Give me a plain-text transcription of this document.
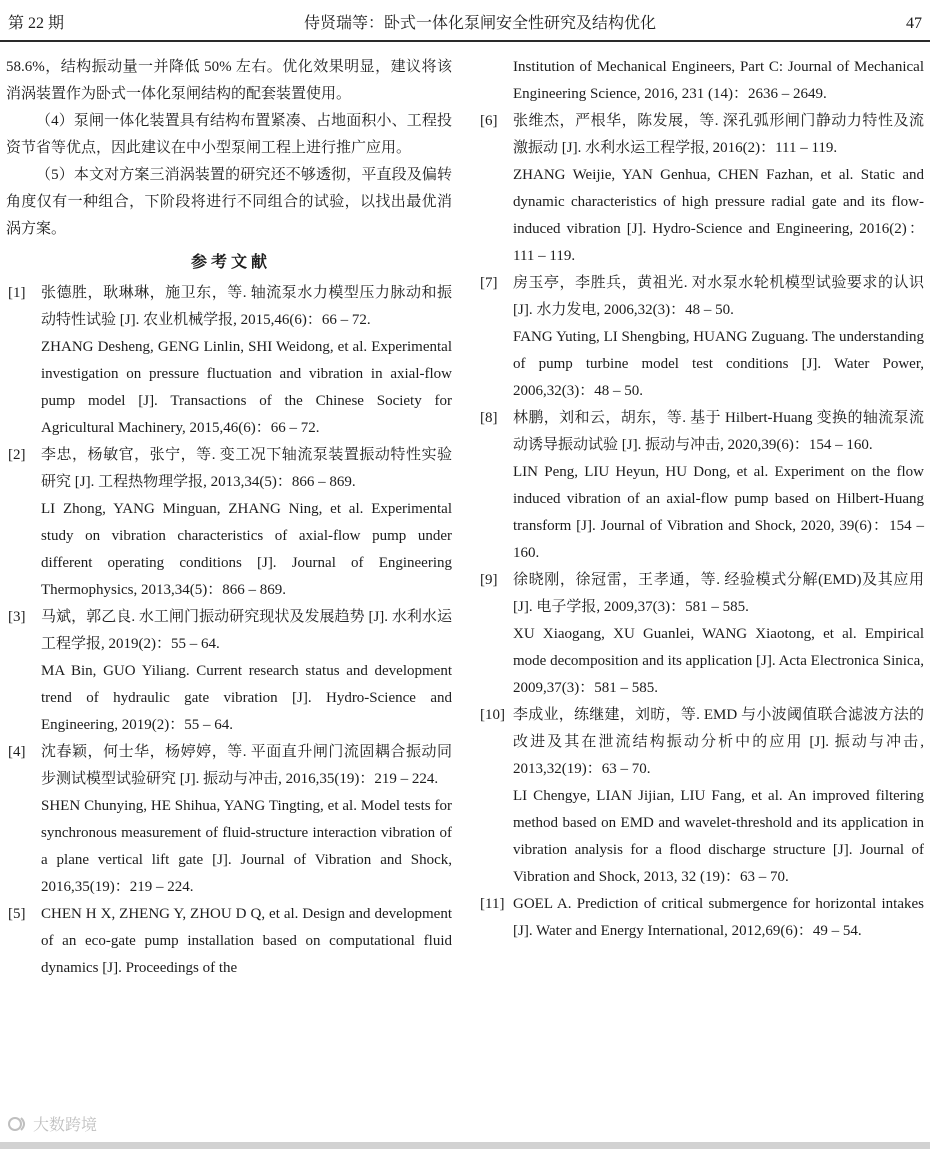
第 22 期	侍贤瑞等：卧式一体化泵闸安全性研究及结构优化	47

58.6%，结构振动量一并降低 50% 左右。优化效果明显，建议将该消涡装置作为卧式一体化泵闸结构的配套装置使用。

（4）泵闸一体化装置具有结构布置紧凑、占地面积小、工程投资节省等优点，因此建议在中小型泵闸工程上进行推广应用。

（5）本文对方案三消涡装置的研究还不够透彻，平直段及偏转角度仅有一种组合，下阶段将进行不同组合的试验，以找出最优消涡方案。

参 考 文 献
[1] 张德胜，耿琳琳，施卫东，等. 轴流泵水力模型压力脉动和振动特性试验 [J]. 农业机械学报, 2015,46(6)：66 – 72.

ZHANG Desheng, GENG Linlin, SHI Weidong, et al. Experimental investigation on pressure fluctuation and vibration in axial-flow pump model [J]. Transactions of the Chinese Society for Agricultural Machinery, 2015,46(6)：66 – 72.

[2] 李忠，杨敏官，张宁，等. 变工况下轴流泵装置振动特性实验研究 [J]. 工程热物理学报, 2013,34(5)：866 – 869.

LI Zhong, YANG Minguan, ZHANG Ning, et al. Experimental study on vibration characteristics of axial-flow pump under different operating conditions [J]. Journal of Engineering Thermophysics, 2013,34(5)：866 – 869.

[3] 马斌，郭乙良. 水工闸门振动研究现状及发展趋势 [J]. 水利水运工程学报, 2019(2)：55 – 64.

MA Bin, GUO Yiliang. Current research status and development trend of hydraulic gate vibration [J]. Hydro-Science and Engineering, 2019(2)：55 – 64.

[4] 沈春颖，何士华，杨婷婷，等. 平面直升闸门流固耦合振动同步测试模型试验研究 [J]. 振动与冲击, 2016,35(19)：219 – 224.

SHEN Chunying, HE Shihua, YANG Tingting, et al. Model tests for synchronous measurement of fluid-structure interaction vibration of a plane vertical lift gate [J]. Journal of Vibration and Shock, 2016,35(19)：219 – 224.

[5] CHEN H X, ZHENG Y, ZHOU D Q, et al. Design and development of an eco-gate pump installation based on computational fluid dynamics [J]. Proceedings of the

Institution of Mechanical Engineers, Part C: Journal of Mechanical Engineering Science, 2016, 231 (14)：2636 – 2649.

[6] 张维杰，严根华，陈发展，等. 深孔弧形闸门静动力特性及流激振动 [J]. 水利水运工程学报, 2016(2)：111 – 119.

ZHANG Weijie, YAN Genhua, CHEN Fazhan, et al. Static and dynamic characteristics of high pressure radial gate and its flow-induced vibration [J]. Hydro-Science and Engineering, 2016(2)：111 – 119.

[7] 房玉亭，李胜兵，黄祖光. 对水泵水轮机模型试验要求的认识 [J]. 水力发电, 2006,32(3)：48 – 50.

FANG Yuting, LI Shengbing, HUANG Zuguang. The understanding of pump turbine model test conditions [J]. Water Power, 2006,32(3)：48 – 50.

[8] 林鹏，刘和云，胡东，等. 基于 Hilbert-Huang 变换的轴流泵流动诱导振动试验 [J]. 振动与冲击, 2020,39(6)：154 – 160.

LIN Peng, LIU Heyun, HU Dong, et al. Experiment on the flow induced vibration of an axial-flow pump based on Hilbert-Huang transform [J]. Journal of Vibration and Shock, 2020, 39(6)：154 – 160.

[9] 徐晓刚，徐冠雷，王孝通，等. 经验模式分解(EMD)及其应用 [J]. 电子学报, 2009,37(3)：581 – 585.

XU Xiaogang, XU Guanlei, WANG Xiaotong, et al. Empirical mode decomposition and its application [J]. Acta Electronica Sinica, 2009,37(3)：581 – 585.

[10] 李成业，练继建，刘昉，等. EMD 与小波阈值联合滤波方法的改进及其在泄流结构振动分析中的应用 [J]. 振动与冲击, 2013,32(19)：63 – 70.

LI Chengye, LIAN Jijian, LIU Fang, et al. An improved filtering method based on EMD and wavelet-threshold and its application in vibration analysis for a flood discharge structure [J]. Journal of Vibration and Shock, 2013, 32 (19)：63 – 70.

[11] GOEL A. Prediction of critical submergence for horizontal intakes [J]. Water and Energy International, 2012,69(6)：49 – 54.

大数跨境
